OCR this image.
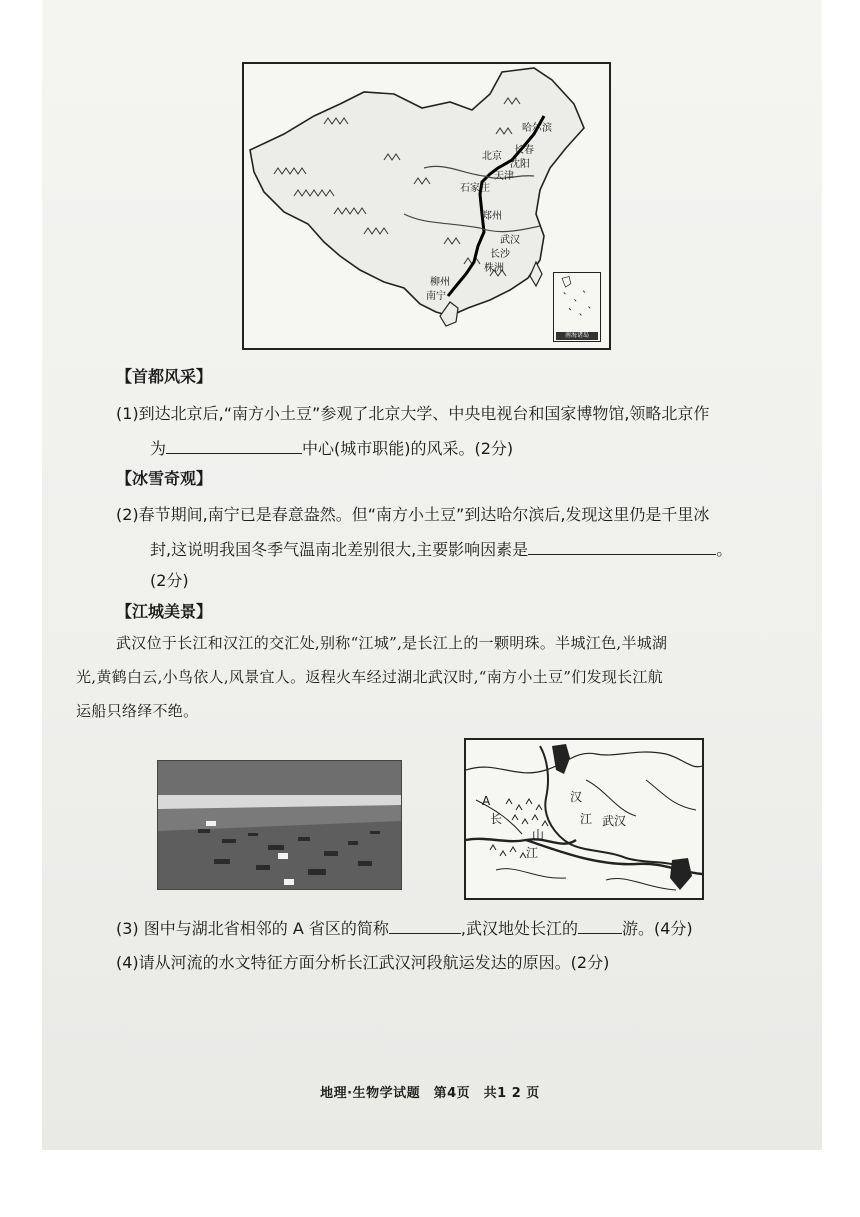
哈尔滨
长春
沈阳
北京
天津
石家庄
郑州
武汉
长沙
株洲
柳州
南宁
南海诸岛
【首都风采】
(1)到达北京后,“南方小土豆”参观了北京大学、中央电视台和国家博物馆,领略北京作
为	中心(城市职能)的风采。(2分)
【冰雪奇观】
(2)春节期间,南宁已是春意盎然。但“南方小土豆”到达哈尔滨后,发现这里仍是千里冰
封,这说明我国冬季气温南北差别很大,主要影响因素是	。
(2分)
【江城美景】
武汉位于长江和汉江的交汇处,别称“江城”,是长江上的一颗明珠。半城江色,半城湖
光,黄鹤白云,小鸟依人,风景宜人。返程火车经过湖北武汉时,“南方小土豆”们发现长江航
运船只络绎不绝。
A
长
山
汉
江 武汉
江
(3) 图中与湖北省相邻的 A 省区的简称	,武汉地处长江的	游。(4分)
(4)请从河流的水文特征方面分析长江武汉河段航运发达的原因。(2分)
地理·生物学试题　第4页　共1 2 页
